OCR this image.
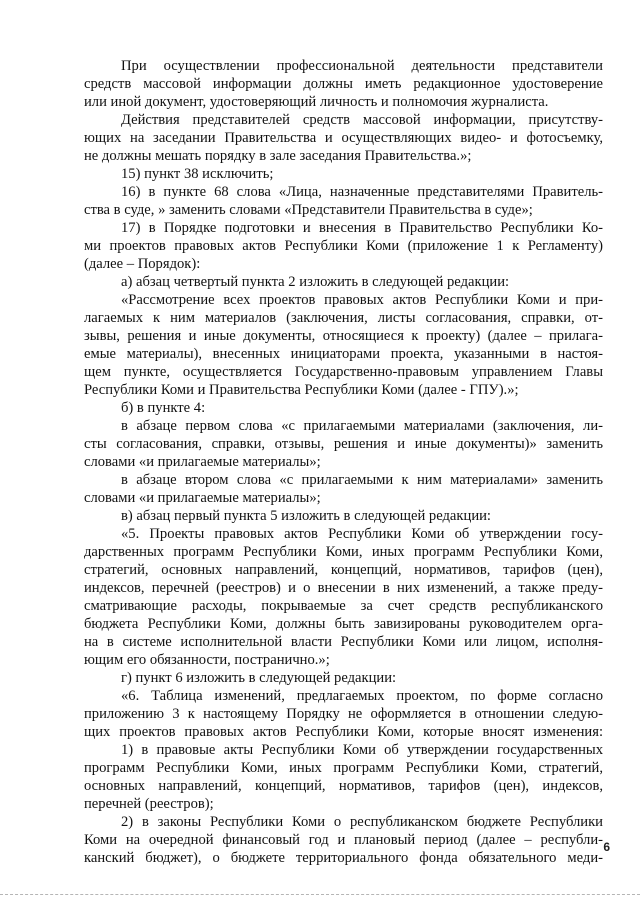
При осуществлении профессиональной деятельности представители
средств массовой информации должны иметь редакционное удостоверение
или иной документ, удостоверяющий личность и полномочия журналиста.
Действия представителей средств массовой информации, присутству-
ющих на заседании Правительства и осуществляющих видео- и фотосъемку,
не должны мешать порядку в зале заседания Правительства.»;
15) пункт 38 исключить;
16) в пункте 68 слова «Лица, назначенные представителями Правитель-
ства в суде, » заменить словами «Представители Правительства в суде»;
17) в Порядке подготовки и внесения в Правительство Республики Ко-
ми проектов правовых актов Республики Коми (приложение 1 к Регламенту)
(далее – Порядок):
а) абзац четвертый пункта 2 изложить в следующей редакции:
«Рассмотрение всех проектов правовых актов Республики Коми и при-
лагаемых к ним материалов (заключения, листы согласования, справки, от-
зывы, решения и иные документы, относящиеся к проекту) (далее – прилага-
емые материалы), внесенных инициаторами проекта, указанными в настоя-
щем пункте, осуществляется Государственно-правовым управлением Главы
Республики Коми и Правительства Республики Коми (далее - ГПУ).»;
б) в пункте 4:
в абзаце первом слова «с прилагаемыми материалами (заключения, ли-
сты согласования, справки, отзывы, решения и иные документы)» заменить
словами «и прилагаемые материалы»;
в абзаце втором слова «с прилагаемыми к ним материалами» заменить
словами «и прилагаемые материалы»;
в) абзац первый пункта 5 изложить в следующей редакции:
«5. Проекты правовых актов Республики Коми об утверждении госу-
дарственных программ Республики Коми, иных программ Республики Коми,
стратегий, основных направлений, концепций, нормативов, тарифов (цен),
индексов, перечней (реестров) и о внесении в них изменений, а также преду-
сматривающие расходы, покрываемые за счет средств республиканского
бюджета Республики Коми, должны быть завизированы руководителем орга-
на в системе исполнительной власти Республики Коми или лицом, исполня-
ющим его обязанности, постранично.»;
г) пункт 6 изложить в следующей редакции:
«6. Таблица изменений, предлагаемых проектом, по форме согласно
приложению 3 к настоящему Порядку не оформляется в отношении следую-
щих проектов правовых актов Республики Коми, которые вносят изменения:
1) в правовые акты Республики Коми об утверждении государственных
программ Республики Коми, иных программ Республики Коми, стратегий,
основных направлений, концепций, нормативов, тарифов (цен), индексов,
перечней (реестров);
2) в законы Республики Коми о республиканском бюджете Республики
Коми на очередной финансовый год и плановый период (далее – республи-
канский бюджет), о бюджете территориального фонда обязательного меди-
6
